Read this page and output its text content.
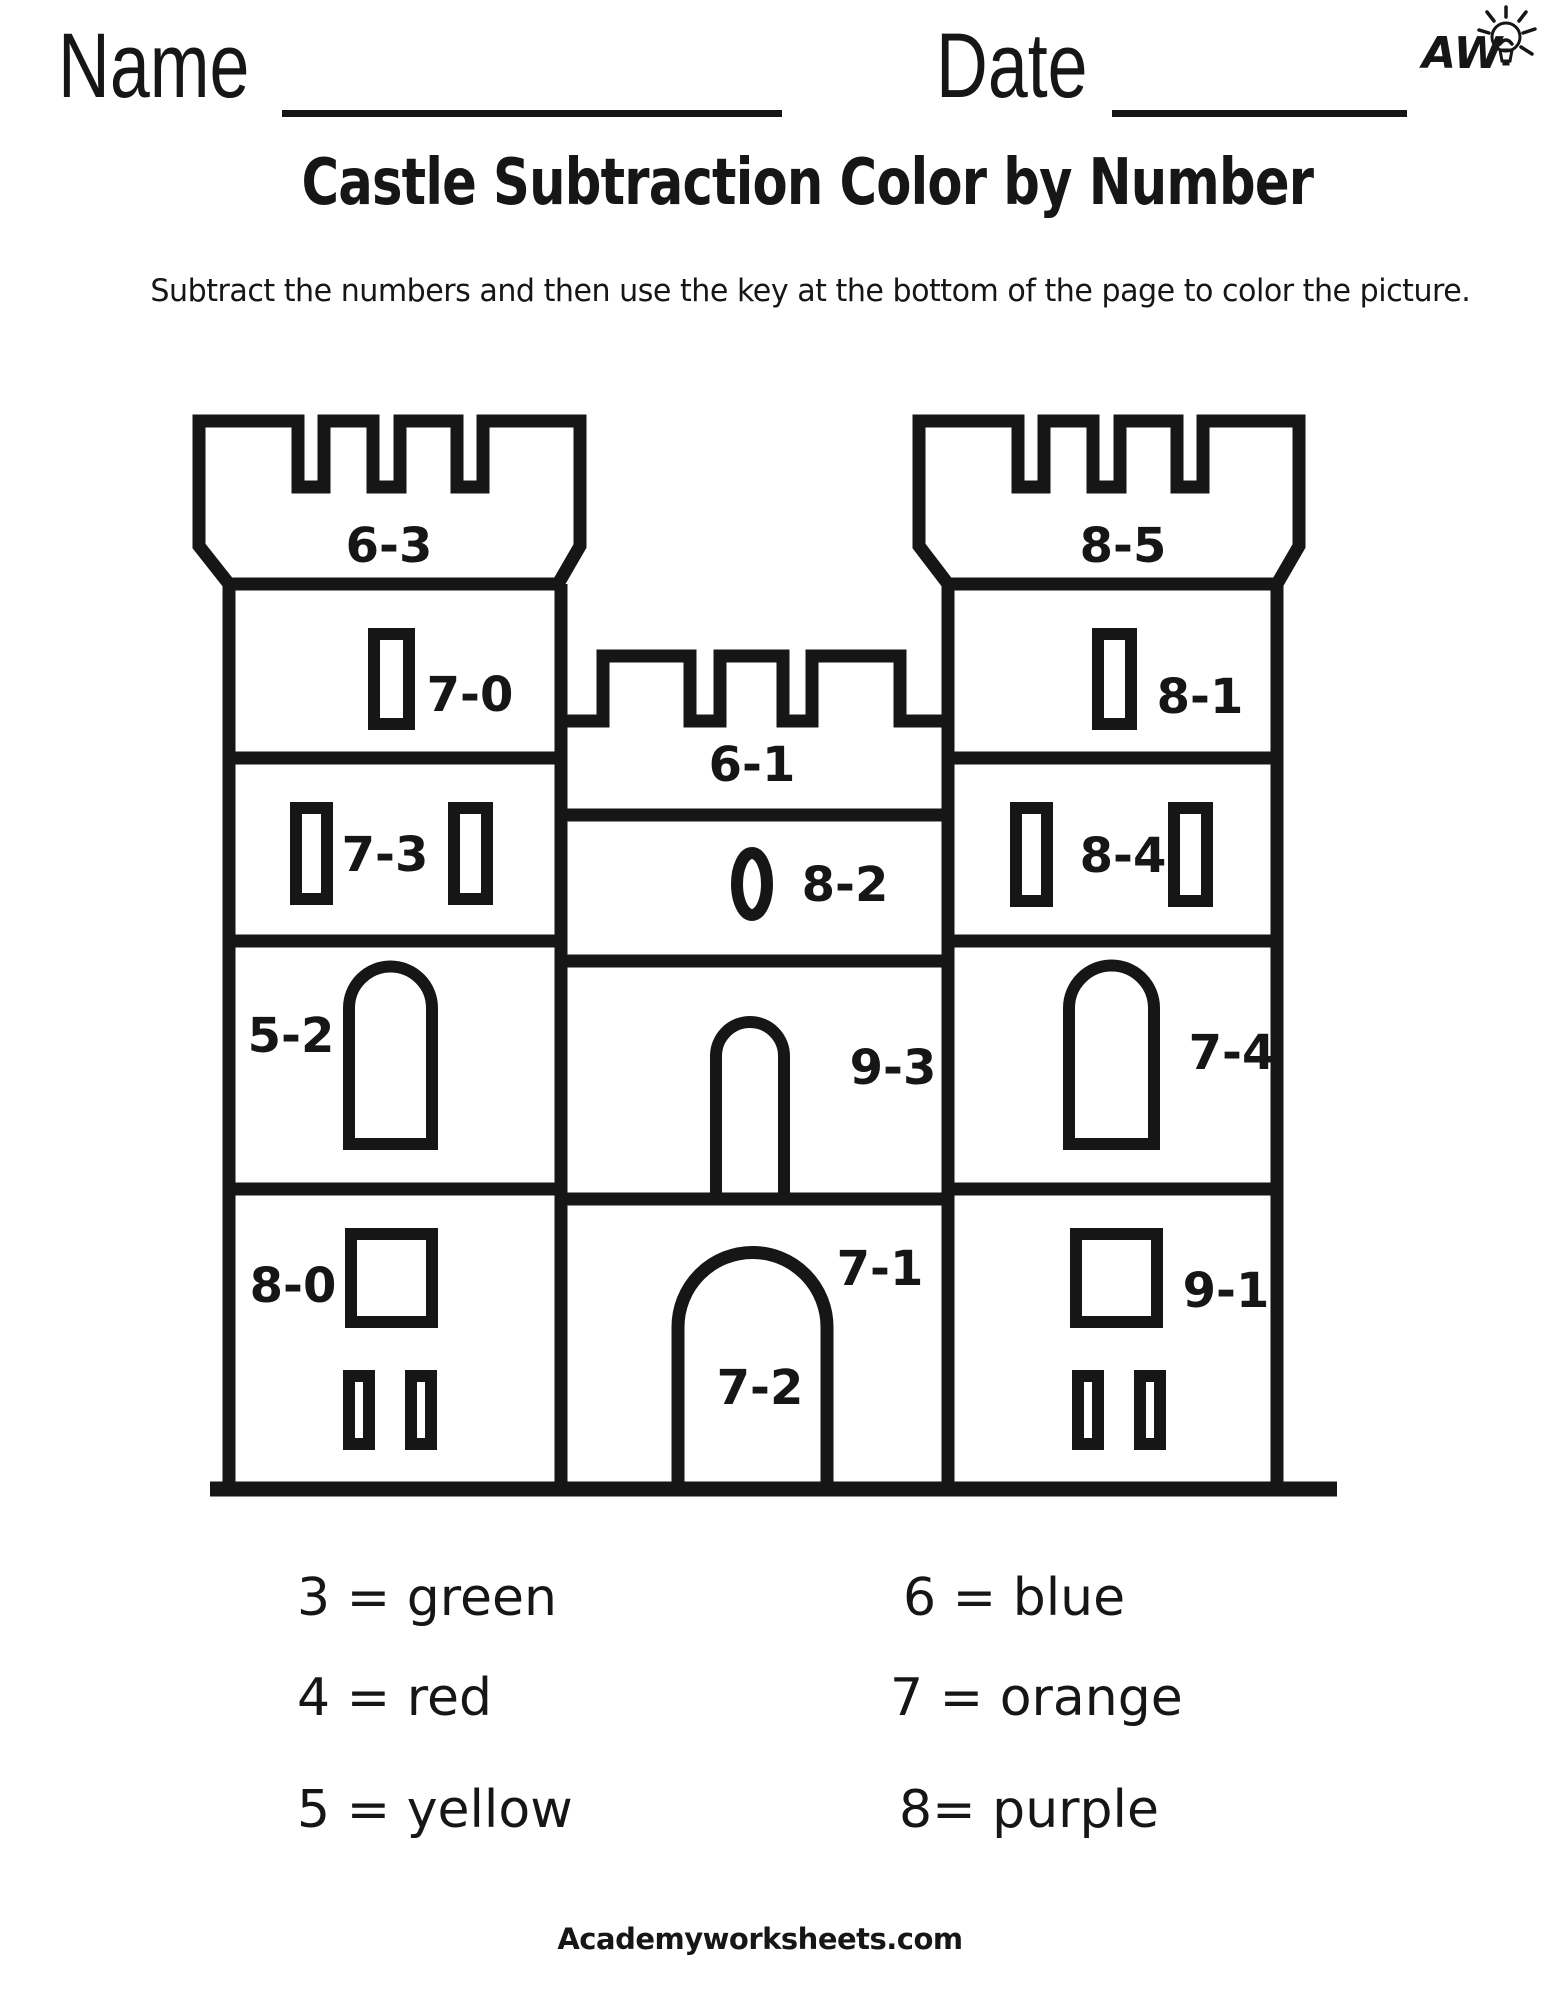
Name	Date	AW
Castle Subtraction Color by Number
Subtract the numbers and then use the key at the bottom of the page to color the picture.
6-3	8-5
7-0	8-1
6-1
7-3	8-4
8-2
5-2
9-3	7-4
8-0	7-1	9-1
7-2
3 = green	6 = blue
4 = red	7 = orange
5 = yellow	8= purple
Academyworksheets.com
